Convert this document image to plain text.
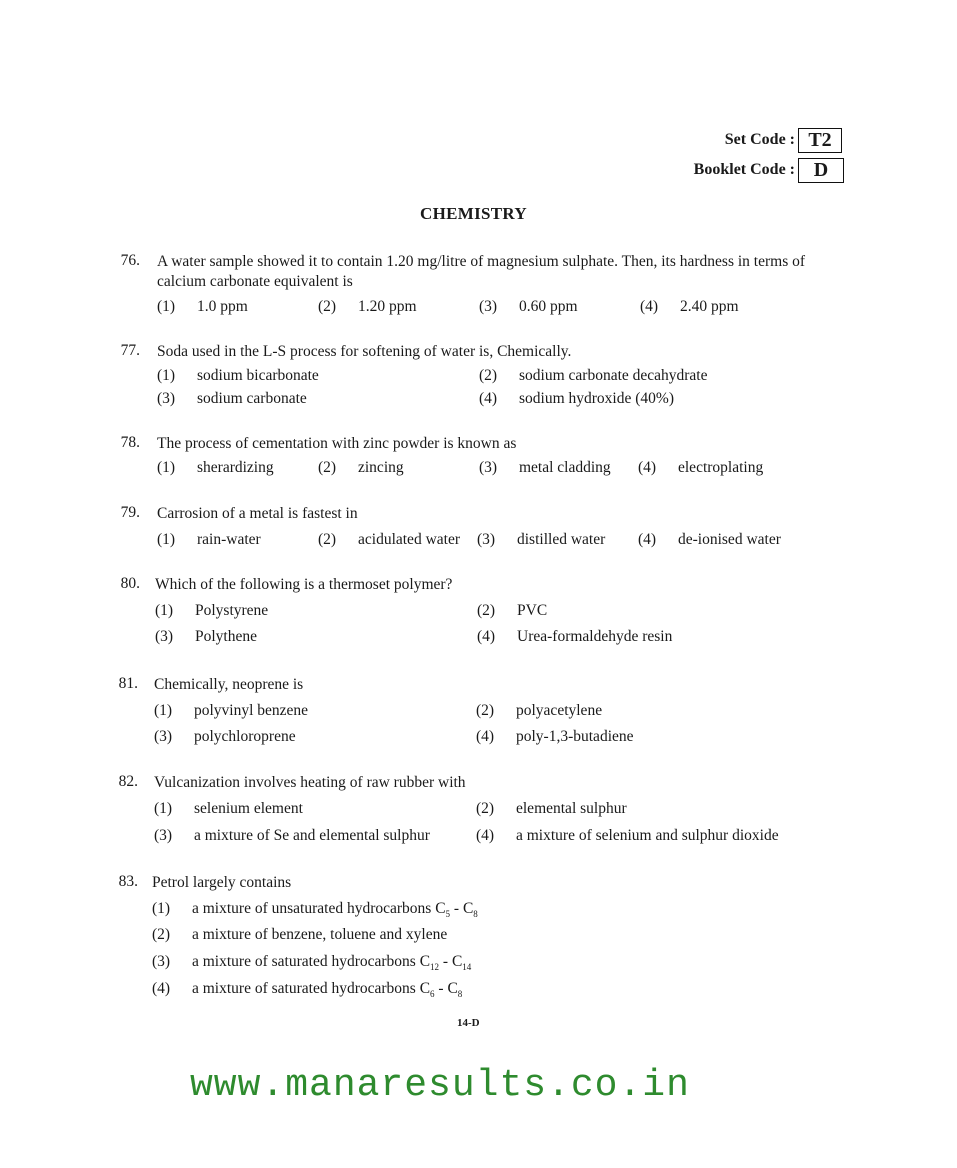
Set Code : T2
Booklet Code : D
CHEMISTRY
76. A water sample showed it to contain 1.20 mg/litre of magnesium sulphate. Then, its hardness in terms of calcium carbonate equivalent is
(1) 1.0 ppm	(2) 1.20 ppm	(3) 0.60 ppm	(4) 2.40 ppm
77. Soda used in the L-S process for softening of water is, Chemically.
(1) sodium bicarbonate	(2) sodium carbonate decahydrate
(3) sodium carbonate	(4) sodium hydroxide (40%)
78. The process of cementation with zinc powder is known as
(1) sherardizing	(2) zincing	(3) metal cladding (4) electroplating
79. Carrosion of a metal is fastest in
(1) rain-water	(2) acidulated water (3) distilled water (4) de-ionised water
80. Which of the following is a thermoset polymer?
(1) Polystyrene	(2) PVC
(3) Polythene	(4) Urea-formaldehyde resin
81. Chemically, neoprene is
(1) polyvinyl benzene	(2) polyacetylene
(3) polychloroprene	(4) poly-1,3-butadiene
82. Vulcanization involves heating of raw rubber with
(1) selenium element	(2) elemental sulphur
(3) a mixture of Se and elemental sulphur	(4) a mixture of selenium and sulphur dioxide
83. Petrol largely contains
(1) a mixture of unsaturated hydrocarbons $C_5 - C_8$
(2) a mixture of benzene, toluene and xylene
(3) a mixture of saturated hydrocarbons $C_{12} - C_{14}$
(4) a mixture of saturated hydrocarbons $C_6 - C_8$
14-D
www.manaresults.co.in
